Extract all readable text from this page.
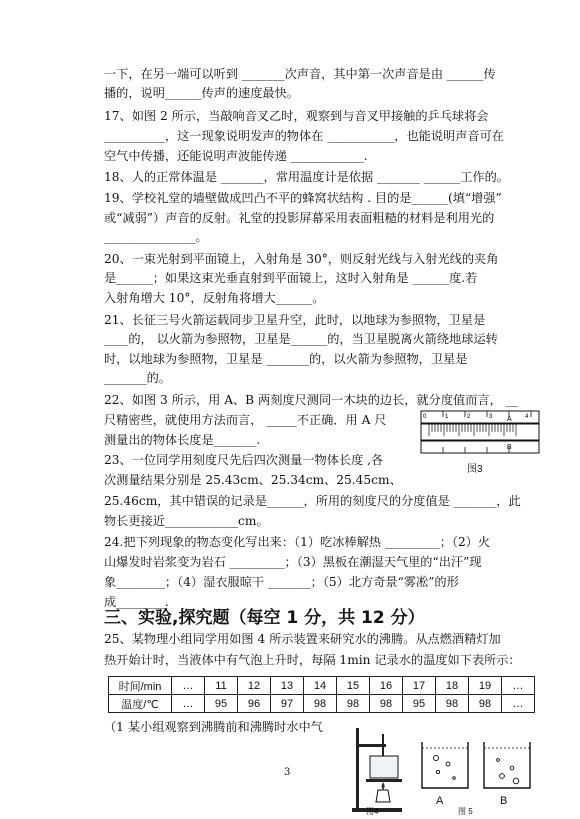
一下，在另一端可以听到 _______次声音，其中第一次声音是由 ______传
播的，说明______传声的速度最快。
17、如图 2 所示，当敲响音叉乙时，观察到与音叉甲接触的乒乓球将会
__________，这一现象说明发声的物体在 ___________，也能说明声音可在
空气中传播，还能说明声波能传递 ____________.
18、人的正常体温是 _______，常用温度计是依据 _______ ______工作的。
19、学校礼堂的墙壁做成凹凸不平的蜂窝状结构 . 目的是______(填“增强”
或“减弱”）声音的反射。礼堂的投影屏幕采用表面粗糙的材料是利用光的
_______________。
20、一束光射到平面镜上，入射角是 30°，则反射光线与入射光线的夹角
是______；如果这束光垂直射到平面镜上，这时入射角是 ______度.若
入射角增大 10°，反射角将增大______。
21、长征三号火箭运载同步卫星升空，此时，以地球为参照物，卫星是
____的， 以火箭为参照物，卫星是______的，当卫星脱离火箭绕地球运转
时，以地球为参照物，卫星是 _______的，以火箭为参照物，卫星是
_______的。
22、如图 3 所示，用 A、B 两刻度尺测同一木块的边长，就分度值而言， __
尺精密些，就使用方法而言， _____不正确．用 A 尺
测量出的物体长度是_______.
23、一位同学用刻度尺先后四次测量一物体长度 ,各
次测量结果分别是 25.43cm、25.34cm、25.45cm、
25.46cm，其中错误的记录是______，所用的刻度尺的分度值是 _______，此
物长更接近____________cm。
24.把下列现象的物态变化写出来：（1）吃冰棒解热 _________；（2）火
山爆发时岩浆变为岩石 _________；（3）黑板在潮湿天气里的“出汗”现
象________；（4）湿衣服晾干 _______；（5）北方奇景“雾凇”的形
成________.
25、某物理小组同学用如图 4 所示装置来研究水的沸腾。从点燃酒精灯加
热开始计时，当液体中有气泡上升时，每隔 1min 记录水的温度如下表所示：
（1 某小组观察到沸腾前和沸腾时水中气
三、实验,探究题（每空 1 分，共 12 分）
时间/min	…	11	12	13	14	15	16	17	18	19	…
温度/℃	…	95	96	97	98	98	98	95	98	98	…
A
B
0	1	2	3	4
图3
图4
A	B
图 5
3
